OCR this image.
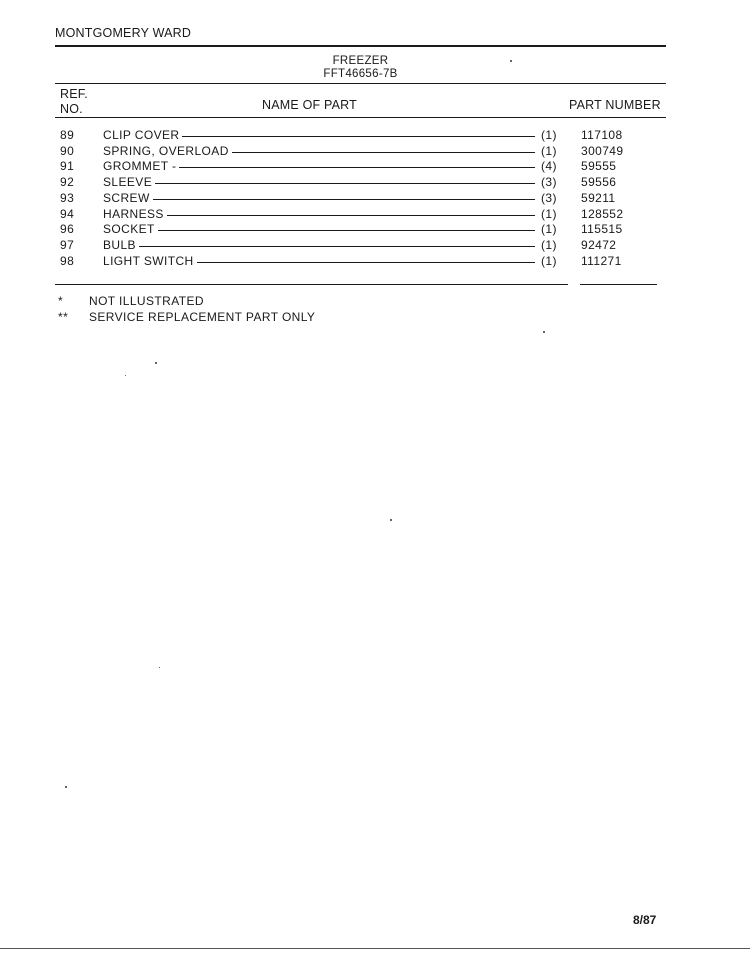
MONTGOMERY WARD
FREEZER
FFT46656-7B
REF.
NO.	NAME OF PART	PART NUMBER
89 CLIP COVER	(1) 117108
90 SPRING, OVERLOAD	(1) 300749
91 GROMMET -	(4) 59555
92 SLEEVE	(3) 59556
93 SCREW	(3) 59211
94 HARNESS	(1) 128552
96 SOCKET	(1) 115515
97 BULB	(1) 92472
98 LIGHT SWITCH	(1) 111271
*	NOT ILLUSTRATED
**	SERVICE REPLACEMENT PART ONLY
8/87
